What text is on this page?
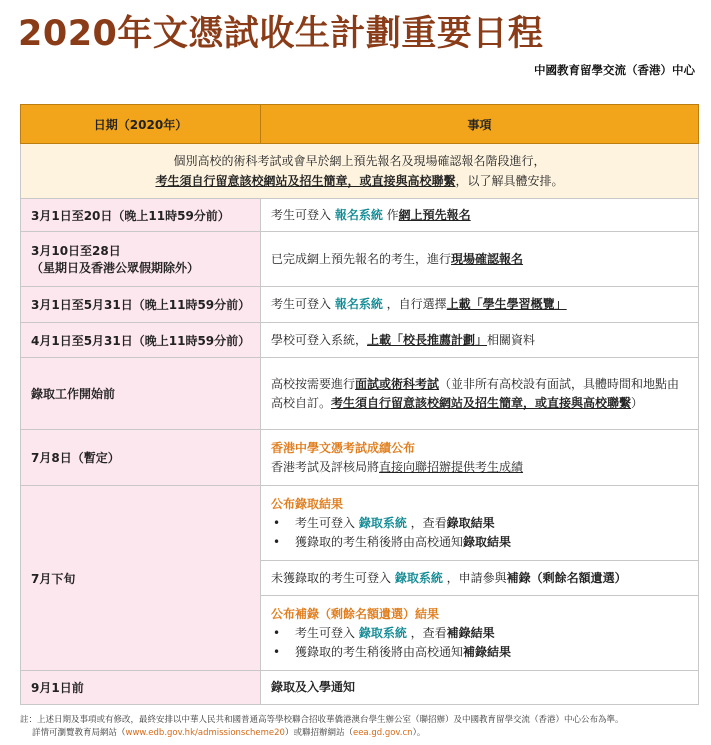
2020年文憑試收生計劃重要日程
中國教育留學交流（香港）中心
日期（2020年）	事項

個別高校的術科考試或會早於網上預先報名及現場確認報名階段進行，
考生須自行留意該校網站及招生簡章，或直接與高校聯繫，以了解具體安排。	

3月1日至20日（晚上11時59分前）	考生可登入 報名系統 作網上預先報名

3月10日至28日
（星期日及香港公眾假期除外）	已完成網上預先報名的考生，進行現場確認報名
3月1日至5月31日（晚上11時59分前）	考生可登入 報名系統 ，自行選擇上載「學生學習概覽」
4月1日至5月31日（晚上11時59分前）	學校可登入系統，上載「校長推薦計劃」相關資料
錄取工作開始前	高校按需要進行面試或術科考試（並非所有高校設有面試，具體時間和地點由高校自訂。考生須自行留意該校網站及招生簡章，或直接與高校聯繫）
7月8日（暫定）	香港中學文憑考試成績公布
香港考試及評核局將直接向聯招辦提供考生成績

7月下旬	公布錄取結果
• 考生可登入 錄取系統 ，查看錄取結果
• 獲錄取的考生稍後將由高校通知錄取結果

	未獲錄取的考生可登入 錄取系統 ，申請參與補錄（剩餘名額遺選）

	公布補錄（剩餘名額遺選）結果
• 考生可登入 錄取系統 ，查看補錄結果
• 獲錄取的考生稍後將由高校通知補錄結果

9月1日前	錄取及入學通知
註：上述日期及事項或有修改，最終安排以中華人民共和國普通高等學校聯合招收華僑港澳台學生辦公室（聯招辦）及中國教育留學交流（香港）中心公布為準。
詳情可瀏覽教育局網站（www.edb.gov.hk/admissionscheme20）或聯招辦網站（eea.gd.gov.cn）。
